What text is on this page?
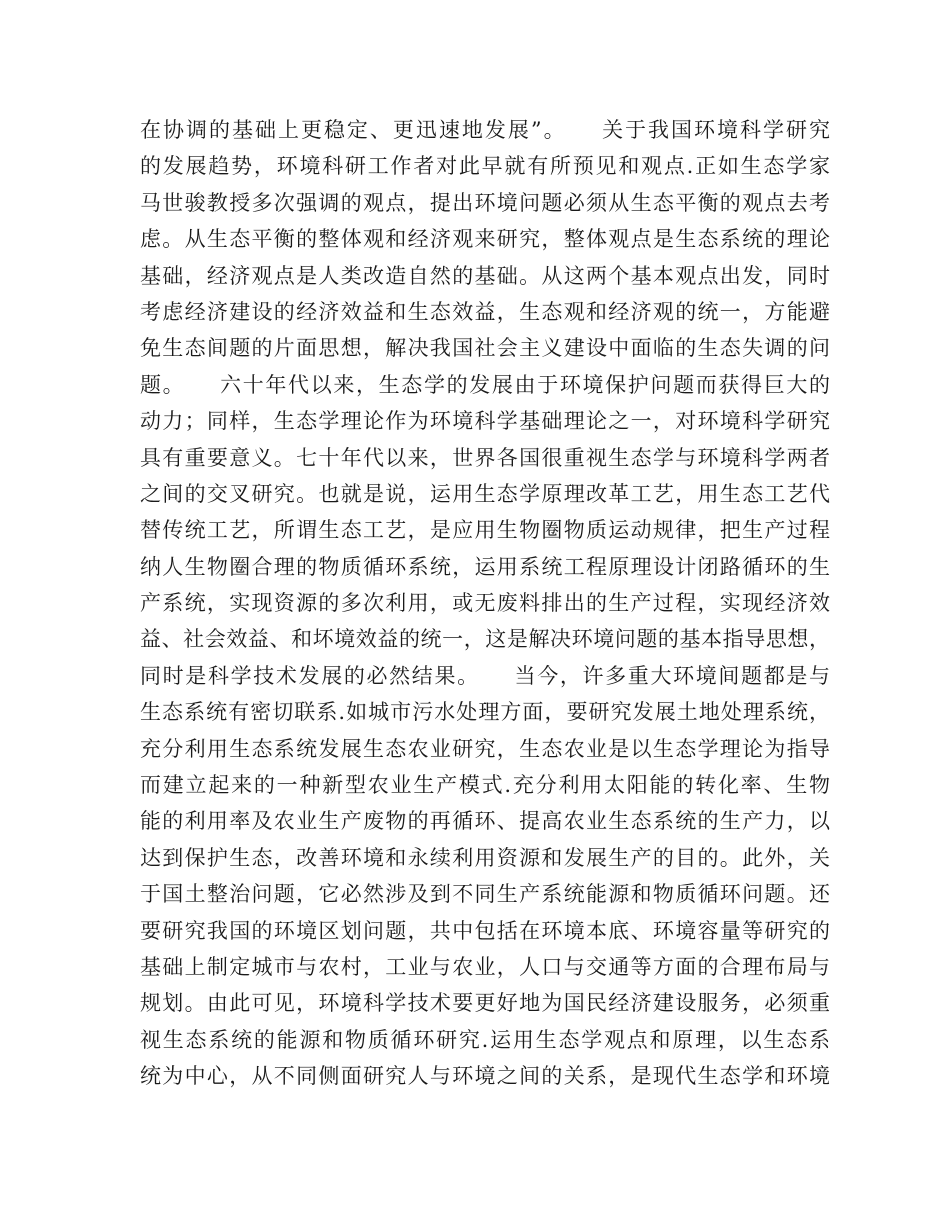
在协调的基础上更稳定、更迅速地发展”。　　关于我国环境科学研究
的发展趋势，环境科研工作者对此早就有所预见和观点.正如生态学家
马世骏教授多次强调的观点，提出环境问题必须从生态平衡的观点去考
虑。从生态平衡的整体观和经济观来研究，整体观点是生态系统的理论
基础，经济观点是人类改造自然的基础。从这两个基本观点出发，同时
考虑经济建设的经济效益和生态效益，生态观和经济观的统一，方能避
免生态间题的片面思想，解决我国社会主义建设中面临的生态失调的问
题。　　六十年代以来，生态学的发展由于环境保护问题而获得巨大的
动力；同样，生态学理论作为环境科学基础理论之一，对环境科学研究
具有重要意义。七十年代以来，世界各国很重视生态学与环境科学两者
之间的交叉研究。也就是说，运用生态学原理改革工艺，用生态工艺代
替传统工艺，所谓生态工艺，是应用生物圈物质运动规律，把生产过程
纳人生物圈合理的物质循环系统，运用系统工程原理设计闭路循环的生
产系统，实现资源的多次利用，或无废料排出的生产过程，实现经济效
益、社会效益、和坏境效益的统一，这是解决环境问题的基本指导思想，
同时是科学技术发展的必然结果。　　当今，许多重大环境间题都是与
生态系统有密切联系.如城市污水处理方面，要研究发展土地处理系统，
充分利用生态系统发展生态农业研究，生态农业是以生态学理论为指导
而建立起来的一种新型农业生产模式.充分利用太阳能的转化率、生物
能的利用率及农业生产废物的再循环、提高农业生态系统的生产力，以
达到保护生态，改善环境和永续利用资源和发展生产的目的。此外，关
于国土整治问题，它必然涉及到不同生产系统能源和物质循环问题。还
要研究我国的环境区划问题，共中包括在环境本底、环境容量等研究的
基础上制定城市与农村，工业与农业，人口与交通等方面的合理布局与
规划。由此可见，环境科学技术要更好地为国民经济建设服务，必须重
视生态系统的能源和物质循环研究.运用生态学观点和原理，以生态系
统为中心，从不同侧面研究人与环境之间的关系，是现代生态学和环境
